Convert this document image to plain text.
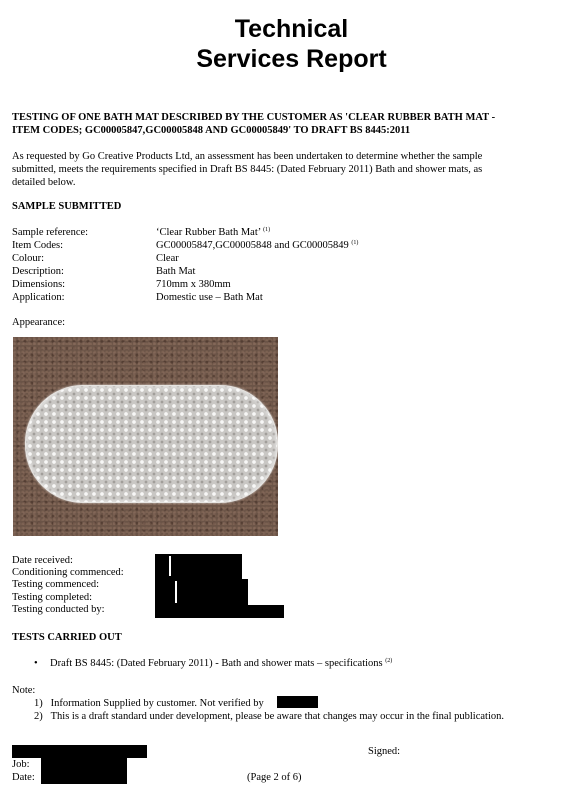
Technical
Services Report
TESTING OF ONE BATH MAT DESCRIBED BY THE CUSTOMER AS 'CLEAR RUBBER BATH MAT -
ITEM CODES; GC00005847,GC00005848 AND GC00005849' TO DRAFT BS 8445:2011
As requested by Go Creative Products Ltd, an assessment has been undertaken to determine whether the sample
submitted, meets the requirements specified in Draft BS 8445: (Dated February 2011) Bath and shower mats, as
detailed below.
SAMPLE SUBMITTED
Sample reference:	‘Clear Rubber Bath Mat’ $^{(1)}$
Item Codes:	GC00005847,GC00005848 and GC00005849 $^{(1)}$
Colour:	Clear
Description:	Bath Mat
Dimensions:	710mm x 380mm
Application:	Domestic use – Bath Mat
Appearance:
Date received:
Conditioning commenced:
Testing commenced:
Testing completed:
Testing conducted by:
TESTS CARRIED OUT
• Draft BS 8445: (Dated February 2011) - Bath and shower mats – specifications $^{(2)}$
Note:
1) Information Supplied by customer. Not verified by
2) This is a draft standard under development, please be aware that changes may occur in the final publication.
Signed:
Job:
Date:	(Page 2 of 6)
